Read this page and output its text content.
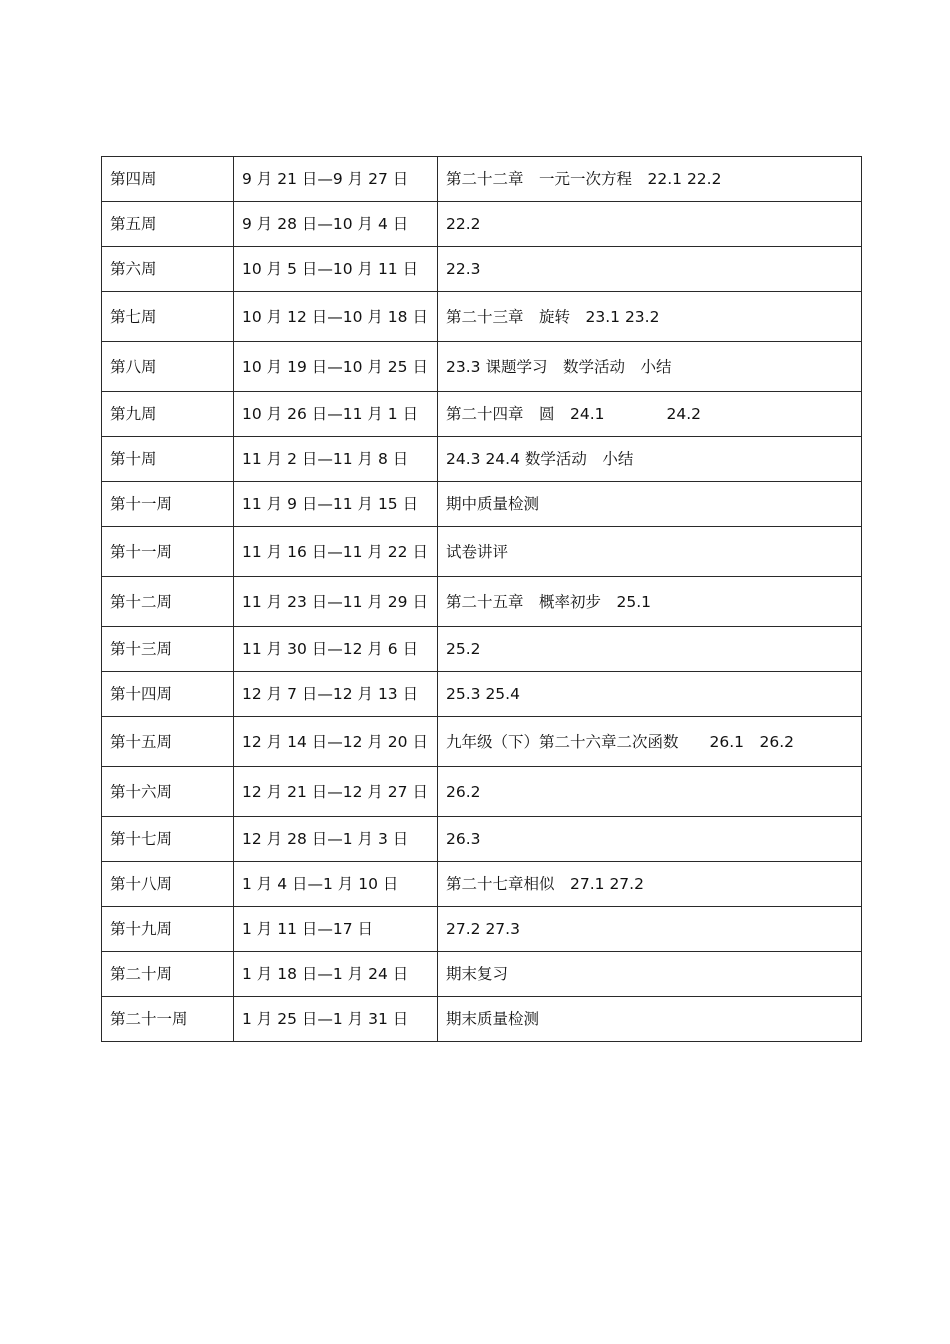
第四周	9 月 21 日—9 月 27 日	第二十二章　一元一次方程　22.1 22.2
第五周	9 月 28 日—10 月 4 日	22.2
第六周	10 月 5 日—10 月 11 日	22.3
第七周	10 月 12 日—10 月 18 日	第二十三章　旋转　23.1 23.2
第八周	10 月 19 日—10 月 25 日	23.3 课题学习　数学活动　小结
第九周	10 月 26 日—11 月 1 日	第二十四章　圆　24.1　　　　24.2
第十周	11 月 2 日—11 月 8 日	24.3 24.4 数学活动　小结
第十一周	11 月 9 日—11 月 15 日	期中质量检测
第十一周	11 月 16 日—11 月 22 日	试卷讲评
第十二周	11 月 23 日—11 月 29 日	第二十五章　概率初步　25.1
第十三周	11 月 30 日—12 月 6 日	25.2
第十四周	12 月 7 日—12 月 13 日	25.3 25.4
第十五周	12 月 14 日—12 月 20 日	九年级（下）第二十六章二次函数　　26.1　26.2
第十六周	12 月 21 日—12 月 27 日	26.2
第十七周	12 月 28 日—1 月 3 日	26.3
第十八周	1 月 4 日—1 月 10 日	第二十七章相似　27.1 27.2
第十九周	1 月 11 日—17 日	27.2 27.3
第二十周	1 月 18 日—1 月 24 日	期末复习
第二十一周	1 月 25 日—1 月 31 日	期末质量检测
